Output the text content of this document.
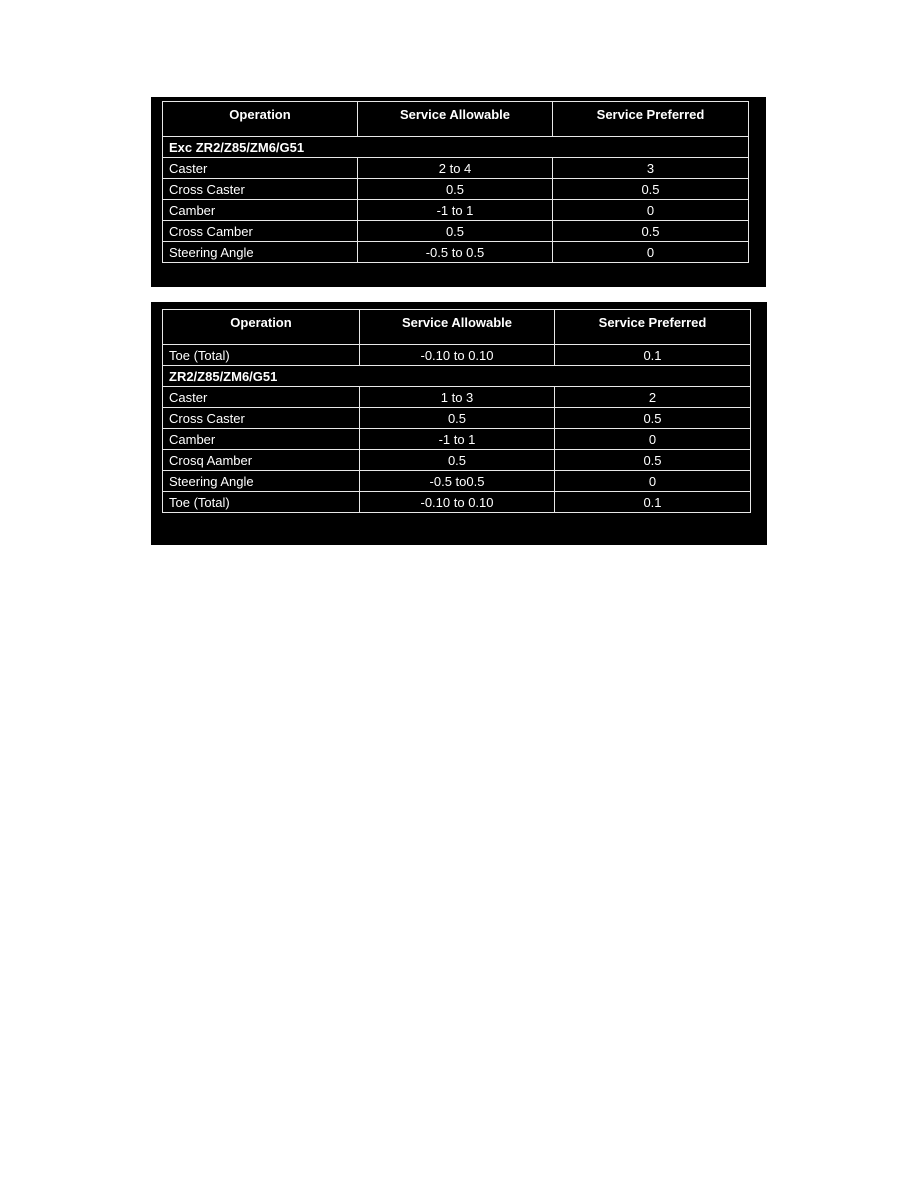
Operation	Service Allowable	Service Preferred
Exc ZR2/Z85/ZM6/G51		
Caster	2 to 4	3
Cross Caster	0.5	0.5
Camber	-1 to 1	0
Cross Camber	0.5	0.5
Steering Angle	-0.5 to 0.5	0
Operation	Service Allowable	Service Preferred
Toe (Total)	-0.10 to 0.10	0.1
ZR2/Z85/ZM6/G51		
Caster	1 to 3	2
Cross Caster	0.5	0.5
Camber	-1 to 1	0
Crosq Aamber	0.5	0.5
Steering Angle	-0.5 to0.5	0
Toe (Total)	-0.10 to 0.10	0.1
